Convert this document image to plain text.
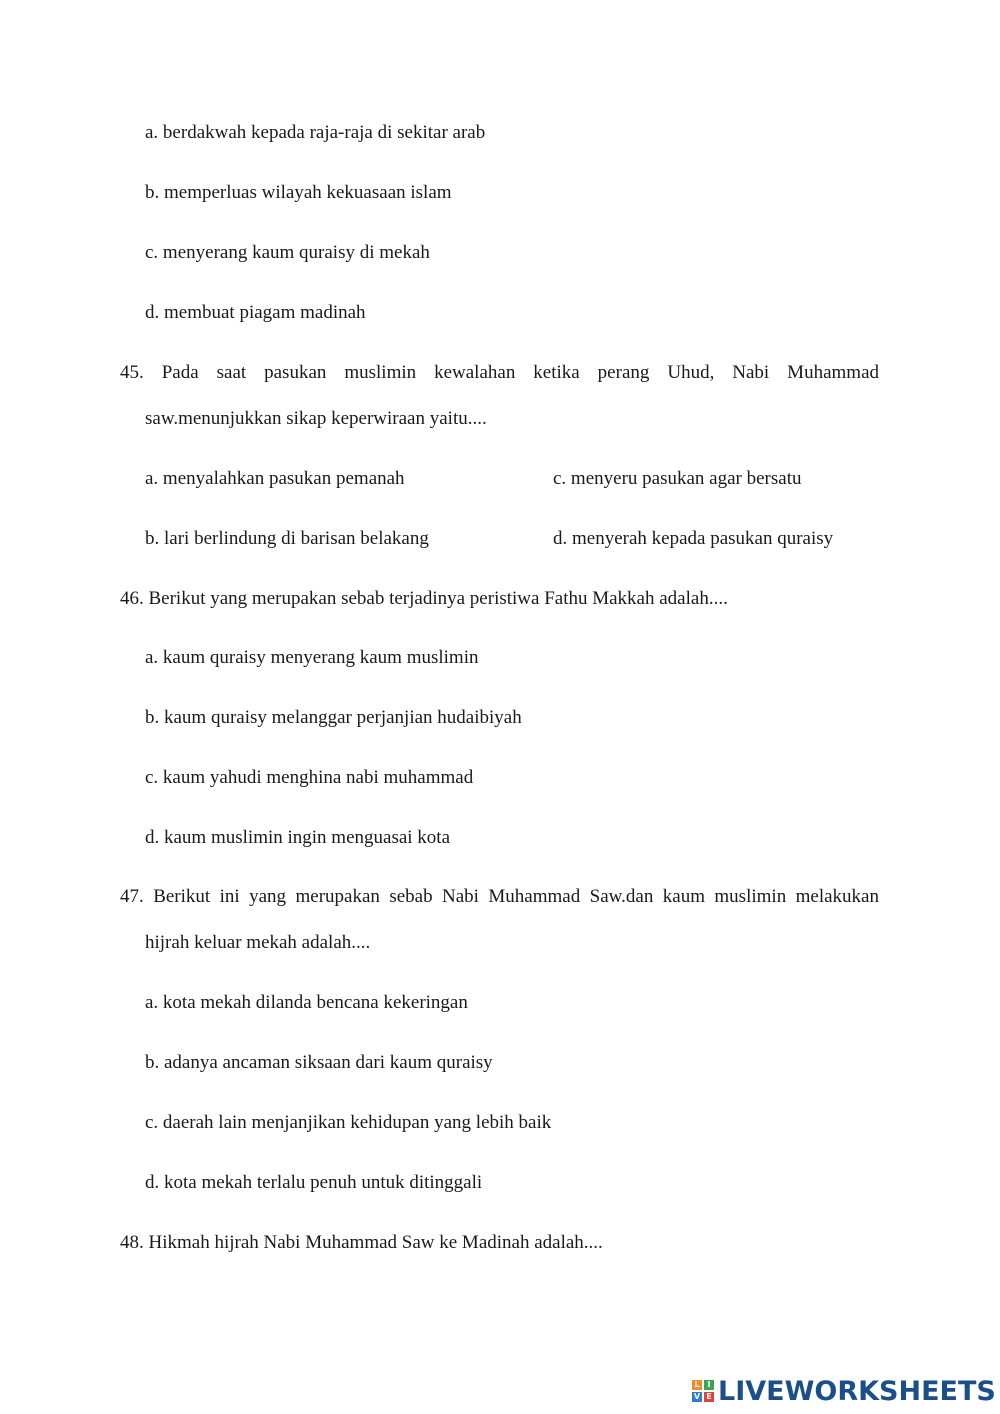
a. berdakwah kepada raja-raja di sekitar arab
b. memperluas wilayah kekuasaan islam
c. menyerang kaum quraisy di mekah
d. membuat piagam madinah
45. Pada saat pasukan muslimin kewalahan ketika perang Uhud, Nabi Muhammad
saw.menunjukkan sikap keperwiraan yaitu....
a. menyalahkan pasukan pemanah	c. menyeru pasukan agar bersatu
b. lari berlindung di barisan belakang	d. menyerah kepada pasukan quraisy
46. Berikut yang merupakan sebab terjadinya peristiwa Fathu Makkah adalah....
a. kaum quraisy menyerang kaum muslimin
b. kaum quraisy melanggar perjanjian hudaibiyah
c. kaum yahudi menghina nabi muhammad
d. kaum muslimin ingin menguasai kota
47. Berikut ini yang merupakan sebab Nabi Muhammad Saw.dan kaum muslimin melakukan
hijrah keluar mekah adalah....
a. kota mekah dilanda bencana kekeringan
b. adanya ancaman siksaan dari kaum quraisy
c. daerah lain menjanjikan kehidupan yang lebih baik
d. kota mekah terlalu penuh untuk ditinggali
48. Hikmah hijrah Nabi Muhammad Saw ke Madinah adalah....
L I
V E LIVEWORKSHEETS
